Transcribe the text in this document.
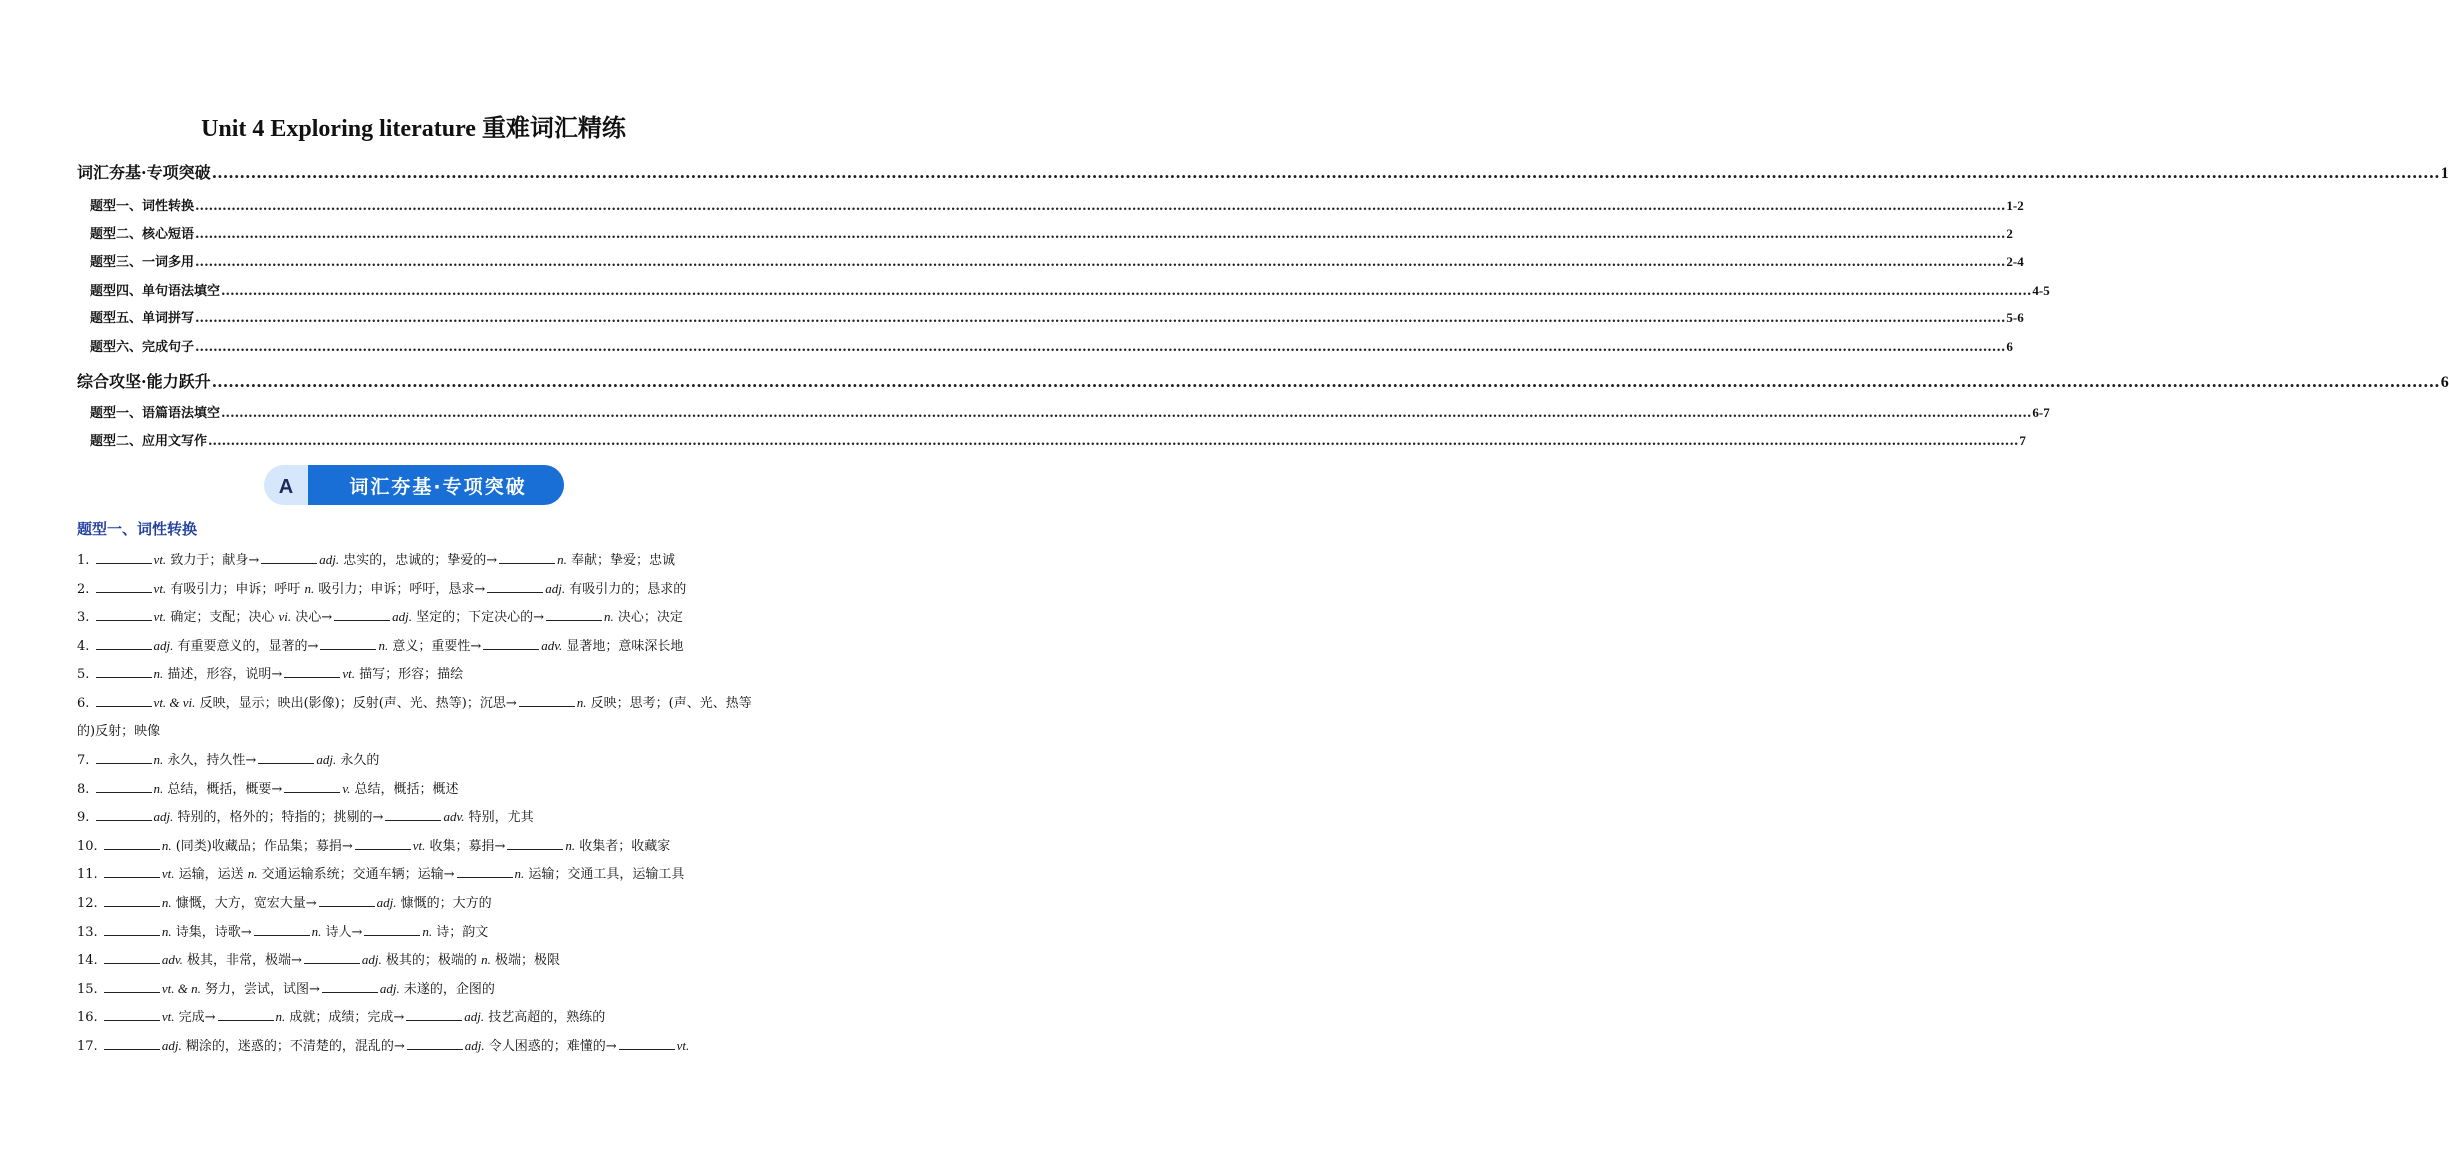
Unit 4 Exploring literature 重难词汇精练
词汇夯基·专项突破 ................................................................................................................................................................................................................................................................................................................................................................................................................ 1
题型一、词性转换 ................................................................................................................................................................................................................................................................................................................................................................................................................ 1-2
题型二、核心短语 ................................................................................................................................................................................................................................................................................................................................................................................................................ 2
题型三、一词多用 ................................................................................................................................................................................................................................................................................................................................................................................................................ 2-4
题型四、单句语法填空 ................................................................................................................................................................................................................................................................................................................................................................................................................ 4-5
题型五、单词拼写 ................................................................................................................................................................................................................................................................................................................................................................................................................ 5-6
题型六、完成句子 ................................................................................................................................................................................................................................................................................................................................................................................................................ 6
综合攻坚·能力跃升 ................................................................................................................................................................................................................................................................................................................................................................................................................ 6
题型一、语篇语法填空 ................................................................................................................................................................................................................................................................................................................................................................................................................ 6-7
题型二、应用文写作 ................................................................................................................................................................................................................................................................................................................................................................................................................ 7
A	词汇夯基·专项突破
题型一、词性转换
1.	vt. 致力于；献身→	adj. 忠实的，忠诚的；挚爱的→	n. 奉献；挚爱；忠诚
2.	vt. 有吸引力；申诉；呼吁 n. 吸引力；申诉；呼吁，恳求→	adj. 有吸引力的；恳求的
3.	vt. 确定；支配；决心 vi. 决心→	adj. 坚定的；下定决心的→	n. 决心；决定
4.	adj. 有重要意义的，显著的→	n. 意义；重要性→	adv. 显著地；意味深长地
5.	n. 描述，形容，说明→	vt. 描写；形容；描绘
6.	vt. & vi. 反映，显示；映出(影像)；反射(声、光、热等)；沉思→	n. 反映；思考；(声、光、热等的)反射；映像
7.	n. 永久，持久性→	adj. 永久的
8.	n. 总结，概括，概要→	v. 总结，概括；概述
9.	adj. 特别的，格外的；特指的；挑剔的→	adv. 特别，尤其
10.	n. (同类)收藏品；作品集；募捐→	vt. 收集；募捐→	n. 收集者；收藏家
11.	vt. 运输，运送 n. 交通运输系统；交通车辆；运输→	n. 运输；交通工具，运输工具
12.	n. 慷慨，大方，宽宏大量→	adj. 慷慨的；大方的
13.	n. 诗集，诗歌→	n. 诗人→	n. 诗；韵文
14.	adv. 极其，非常，极端→	adj. 极其的；极端的 n. 极端；极限
15.	vt. & n. 努力，尝试，试图→	adj. 未遂的，企图的
16.	vt. 完成→	n. 成就；成绩；完成→	adj. 技艺高超的，熟练的
17.	adj. 糊涂的，迷惑的；不清楚的，混乱的→	adj. 令人困惑的；难懂的→	vt.
